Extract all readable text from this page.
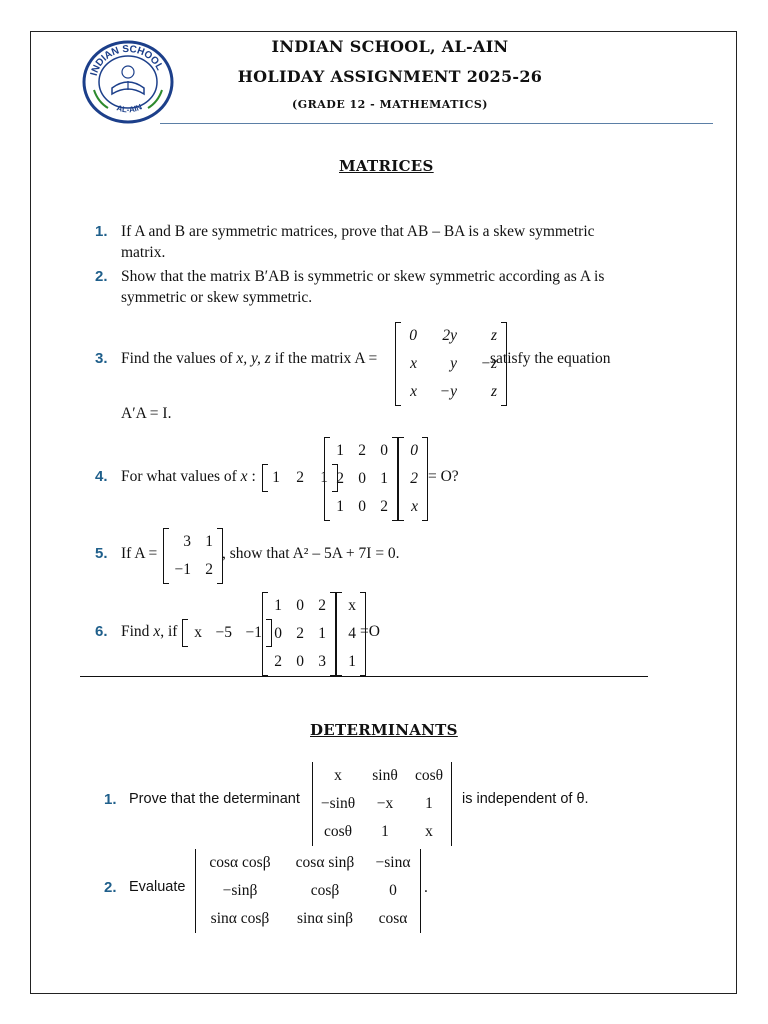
INDIAN SCHOOL
AL-AIN
INDIAN SCHOOL, AL-AIN
HOLIDAY ASSIGNMENT 2025-26
(GRADE 12 - MATHEMATICS)
MATRICES
1. If A and B are symmetric matrices, prove that AB – BA is a skew symmetric
matrix.
2. Show that the matrix B′AB is symmetric or skew symmetric according as A is
symmetric or skew symmetric.
3. Find the values of x, y, z if the matrix A =
0	2y	z
x	y	−z
x	−y	z
satisfy the equation
A′A = I.
4. For what values of x : 1 2 1
1 2 0
2 0 1
1 0 2
0
2
x
= O?
5. If A =
3 1
−1 2
, show that A² – 5A + 7I = 0.
6. Find x, if x −5 −1
1 0 2
0 2 1
2 0 3
x
4
1
=O
DETERMINANTS
1. Prove that the determinant
x	sinθ	cosθ
−sinθ	−x	1
cosθ	1	x
is independent of θ.
2. Evaluate
cosα cosβ	cosα sinβ	−sinα
−sinβ	cosβ	0
sinα cosβ	sinα sinβ	cosα
.
